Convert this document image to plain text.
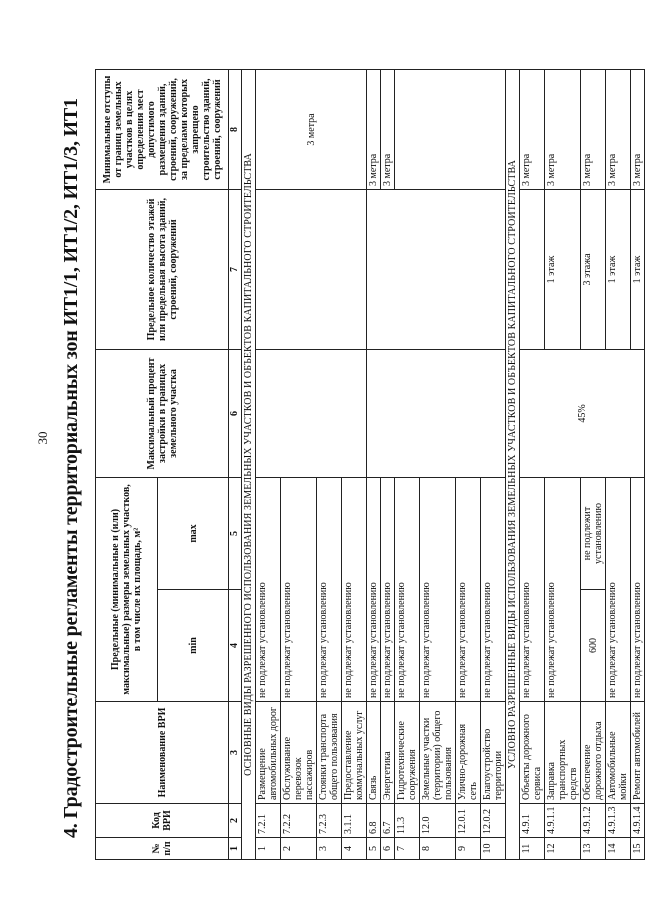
30 4. Градостроительные регламенты территориальных зон ИТ1/1, ИТ1/2, ИТ1/3, ИТ1
№ п/п	Код ВРИ	Наименование ВРИ	Предельные (минимальные и (или) максимальные) размеры земельных участков, в том числе их площадь, м²		Максимальный процент застройки в границах земельного участка	Предельное количество этажей или предельная высота зданий, строений, сооружений	Минимальные отступы от границ земельных участков в целях определения мест допустимого размещения зданий, строений, сооружений, за пределами которых запрещено строительство зданий, строений, сооружений
			min	max			
1	2	3	4	5	6	7	8
ОСНОВНЫЕ ВИДЫ РАЗРЕШЕННОГО ИСПОЛЬЗОВАНИЯ ЗЕМЕЛЬНЫХ УЧАСТКОВ И ОБЪЕКТОВ КАПИТАЛЬНОГО СТРОИТЕЛЬСТВА							
1	7.2.1	Размещение автомобильных дорог	не подлежат установлению				3 метра
2	7.2.2	Обслуживание перевозок пассажиров	не подлежат установлению				
3	7.2.3	Стоянки транспорта общего пользования	не подлежат установлению				
4	3.1.1	Предоставление коммунальных услуг	не подлежат установлению				
5	6.8	Связь	не подлежат установлению				3 метра
6	6.7	Энергетика	не подлежат установлению				3 метра
7	11.3	Гидротехнические сооружения	не подлежат установлению				
8	12.0	Земельные участки (территории) общего пользования	не подлежат установлению				
9	12.0.1	Улично-дорожная сеть	не подлежат установлению				
10	12.0.2	Благоустройство территории	не подлежат установлению				
УСЛОВНО РАЗРЕШЕННЫЕ ВИДЫ ИСПОЛЬЗОВАНИЯ ЗЕМЕЛЬНЫХ УЧАСТКОВ И ОБЪЕКТОВ КАПИТАЛЬНОГО СТРОИТЕЛЬСТВА							
11	4.9.1	Объекты дорожного сервиса	не подлежат установлению		45%		3 метра
12	4.9.1.1	Заправка транспортных средств	не подлежат установлению			1 этаж	3 метра
13	4.9.1.2	Обеспечение дорожного отдыха	600	не подлежит установлению		3 этажа	3 метра
14	4.9.1.3	Автомобильные мойки	не подлежат установлению			1 этаж	3 метра
15	4.9.1.4	Ремонт автомобилей	не подлежат установлению			1 этаж	3 метра
